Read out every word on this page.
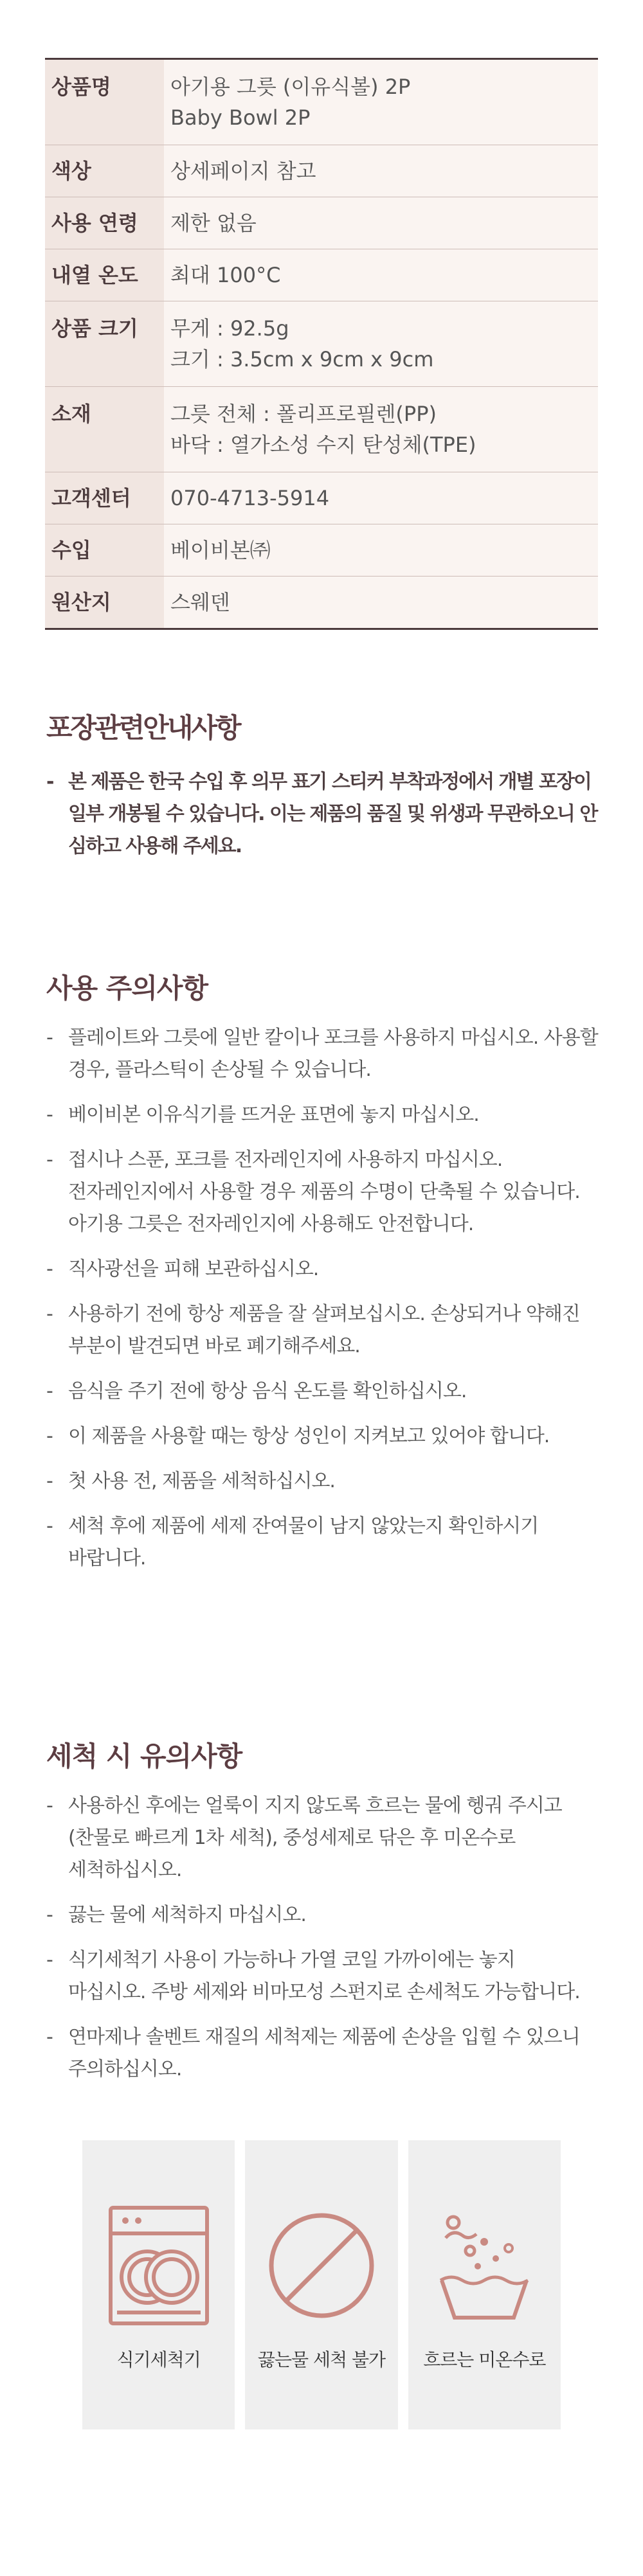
상품명	아기용 그릇 (이유식볼) 2P
Baby Bowl 2P
색상	상세페이지 참고
사용 연령	제한 없음
내열 온도	최대 100°C
상품 크기	무게 : 92.5g
크기 : 3.5cm x 9cm x 9cm
소재	그릇 전체 : 폴리프로필렌(PP)
바닥 : 열가소성 수지 탄성체(TPE)
고객센터	070-4713-5914
수입	베이비본㈜
원산지	스웨덴
포장관련안내사항
- 본 제품은 한국 수입 후 의무 표기 스티커 부착과정에서 개별 포장이
일부 개봉될 수 있습니다. 이는 제품의 품질 및 위생과 무관하오니 안
심하고 사용해 주세요.
사용 주의사항
- 플레이트와 그릇에 일반 칼이나 포크를 사용하지 마십시오. 사용할
경우, 플라스틱이 손상될 수 있습니다.
- 베이비본 이유식기를 뜨거운 표면에 놓지 마십시오.
- 접시나 스푼, 포크를 전자레인지에 사용하지 마십시오.
전자레인지에서 사용할 경우 제품의 수명이 단축될 수 있습니다.
아기용 그릇은 전자레인지에 사용해도 안전합니다.
- 직사광선을 피해 보관하십시오.
- 사용하기 전에 항상 제품을 잘 살펴보십시오. 손상되거나 약해진
부분이 발견되면 바로 폐기해주세요.
- 음식을 주기 전에 항상 음식 온도를 확인하십시오.
- 이 제품을 사용할 때는 항상 성인이 지켜보고 있어야 합니다.
- 첫 사용 전, 제품을 세척하십시오.
- 세척 후에 제품에 세제 잔여물이 남지 않았는지 확인하시기
바랍니다.
세척 시 유의사항
- 사용하신 후에는 얼룩이 지지 않도록 흐르는 물에 헹궈 주시고
(찬물로 빠르게 1차 세척), 중성세제로 닦은 후 미온수로
세척하십시오.
- 끓는 물에 세척하지 마십시오.
- 식기세척기 사용이 가능하나 가열 코일 가까이에는 놓지
마십시오. 주방 세제와 비마모성 스펀지로 손세척도 가능합니다.
- 연마제나 솔벤트 재질의 세척제는 제품에 손상을 입힐 수 있으니
주의하십시오.
식기세척기	끓는물 세척 불가	흐르는 미온수로
